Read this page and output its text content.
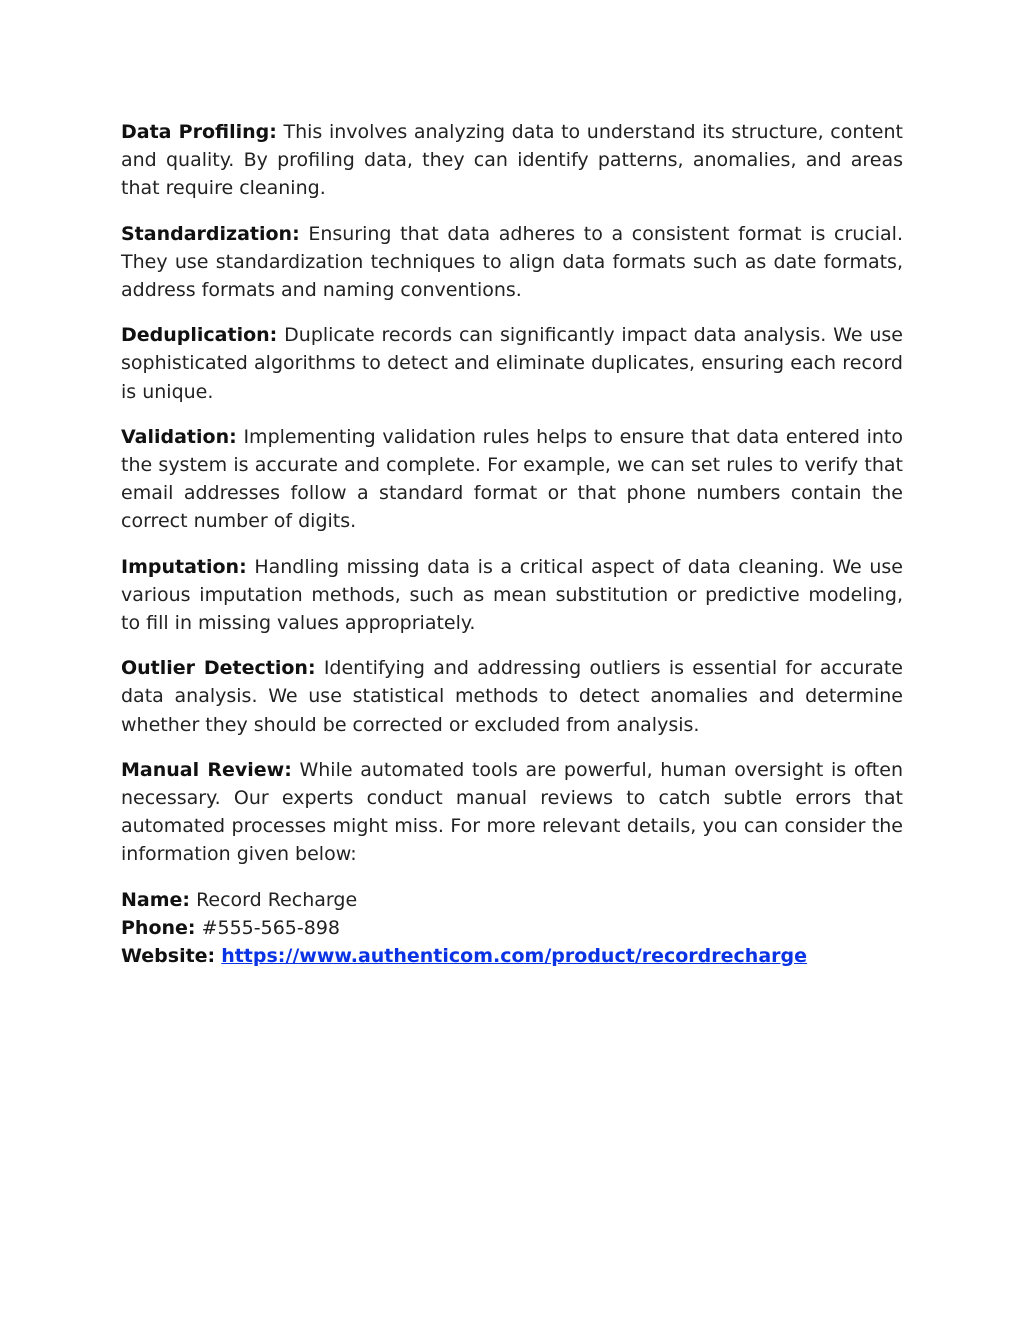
Data Profiling: This involves analyzing data to understand its structure, content and quality. By profiling data, they can identify patterns, anomalies, and areas that require cleaning.

Standardization: Ensuring that data adheres to a consistent format is crucial. They use standardization techniques to align data formats such as date formats, address formats and naming conventions.

Deduplication: Duplicate records can significantly impact data analysis. We use sophisticated algorithms to detect and eliminate duplicates, ensuring each record is unique.

Validation: Implementing validation rules helps to ensure that data entered into the system is accurate and complete. For example, we can set rules to verify that email addresses follow a standard format or that phone numbers contain the correct number of digits.

Imputation: Handling missing data is a critical aspect of data cleaning. We use various imputation methods, such as mean substitution or predictive modeling, to fill in missing values appropriately.

Outlier Detection: Identifying and addressing outliers is essential for accurate data analysis. We use statistical methods to detect anomalies and determine whether they should be corrected or excluded from analysis.

Manual Review: While automated tools are powerful, human oversight is often necessary. Our experts conduct manual reviews to catch subtle errors that automated processes might miss. For more relevant details, you can consider the information given below:

Name: Record Recharge
Phone: #555-565-898
Website: https://www.authenticom.com/product/recordrecharge
